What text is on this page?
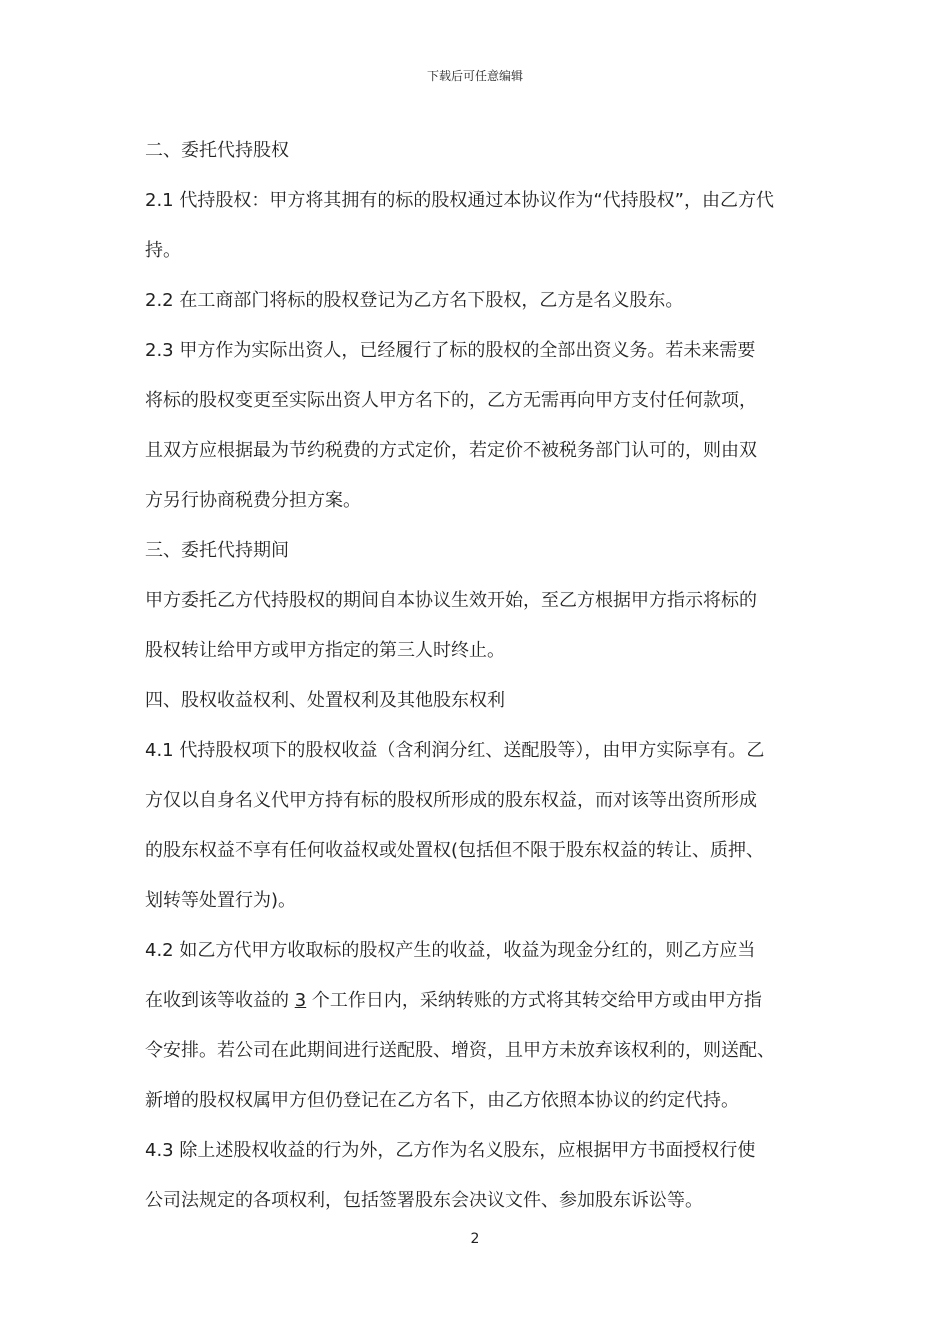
下载后可任意编辑
二、委托代持股权
2.1 代持股权：甲方将其拥有的标的股权通过本协议作为“代持股权”，由乙方代
持。
2.2 在工商部门将标的股权登记为乙方名下股权，乙方是名义股东。
2.3 甲方作为实际出资人，已经履行了标的股权的全部出资义务。若未来需要
将标的股权变更至实际出资人甲方名下的，乙方无需再向甲方支付任何款项，
且双方应根据最为节约税费的方式定价，若定价不被税务部门认可的，则由双
方另行协商税费分担方案。
三、委托代持期间
甲方委托乙方代持股权的期间自本协议生效开始，至乙方根据甲方指示将标的
股权转让给甲方或甲方指定的第三人时终止。
四、股权收益权利、处置权利及其他股东权利
4.1 代持股权项下的股权收益（含利润分红、送配股等），由甲方实际享有。乙
方仅以自身名义代甲方持有标的股权所形成的股东权益，而对该等出资所形成
的股东权益不享有任何收益权或处置权(包括但不限于股东权益的转让、质押、
划转等处置行为)。
4.2 如乙方代甲方收取标的股权产生的收益，收益为现金分红的，则乙方应当
在收到该等收益的 3 个工作日内，采纳转账的方式将其转交给甲方或由甲方指
令安排。若公司在此期间进行送配股、增资，且甲方未放弃该权利的，则送配、
新增的股权权属甲方但仍登记在乙方名下，由乙方依照本协议的约定代持。
4.3 除上述股权收益的行为外，乙方作为名义股东，应根据甲方书面授权行使
公司法规定的各项权利，包括签署股东会决议文件、参加股东诉讼等。
2
